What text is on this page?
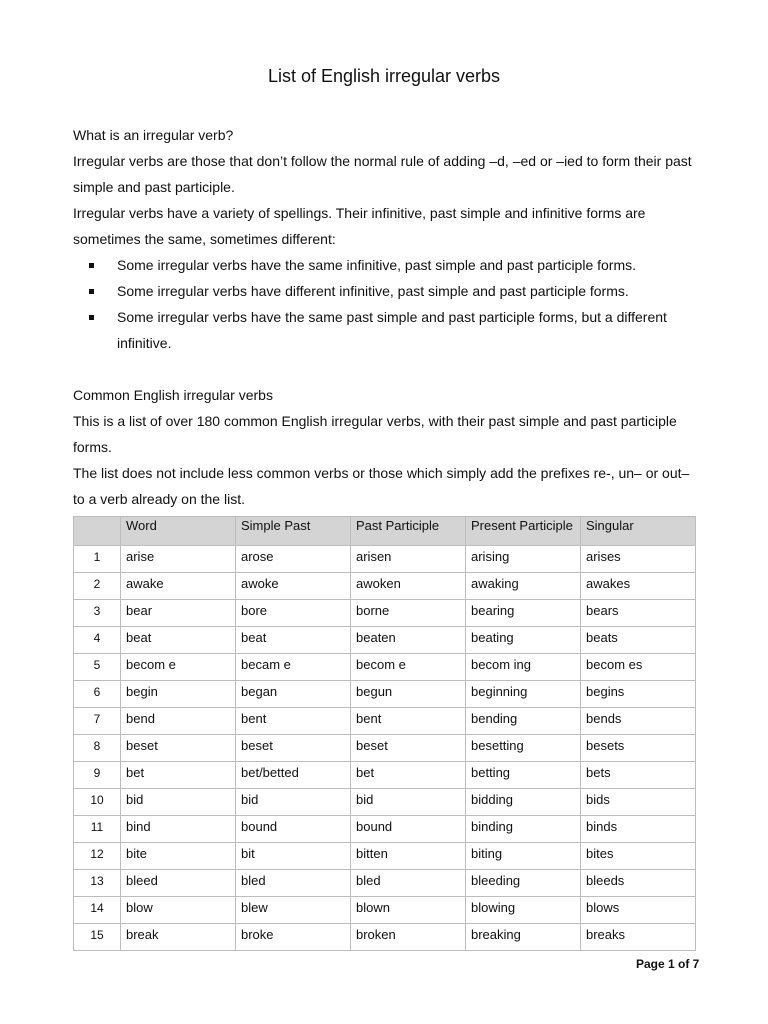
List of English irregular verbs

What is an irregular verb?

Irregular verbs are those that don’t follow the normal rule of adding –d, –ed or –ied to form their past simple and past participle.

Irregular verbs have a variety of spellings. Their infinitive, past simple and infinitive forms are sometimes the same, sometimes different:

Some irregular verbs have the same infinitive, past simple and past participle forms.
Some irregular verbs have different infinitive, past simple and past participle forms.
Some irregular verbs have the same past simple and past participle forms, but a different infinitive.

Common English irregular verbs

This is a list of over 180 common English irregular verbs, with their past simple and past participle forms.

The list does not include less common verbs or those which simply add the prefixes re-, un– or out– to a verb already on the list.

	Word	Simple Past	Past Participle	Present Participle	Singular
1	arise	arose	arisen	arising	arises
2	awake	awoke	awoken	awaking	awakes
3	bear	bore	borne	bearing	bears
4	beat	beat	beaten	beating	beats
5	becom e	becam e	becom e	becom ing	becom es
6	begin	began	begun	beginning	begins
7	bend	bent	bent	bending	bends
8	beset	beset	beset	besetting	besets
9	bet	bet/betted	bet	betting	bets
10	bid	bid	bid	bidding	bids
11	bind	bound	bound	binding	binds
12	bite	bit	bitten	biting	bites
13	bleed	bled	bled	bleeding	bleeds
14	blow	blew	blown	blowing	blows
15	break	broke	broken	breaking	breaks
Page 1 of 7
